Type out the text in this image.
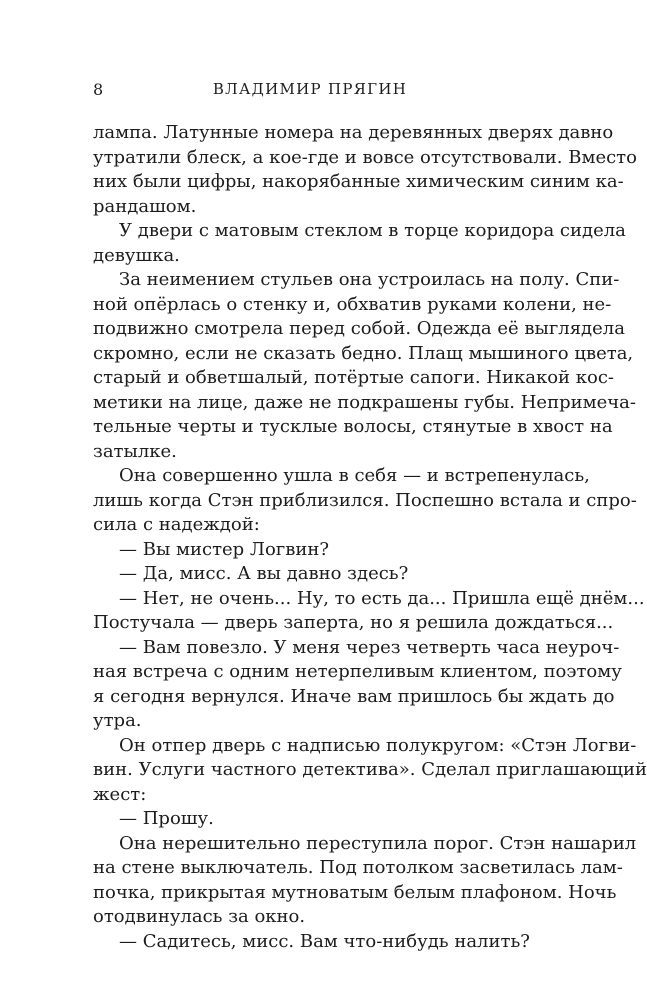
8	ВЛАДИМИР ПРЯГИН
лампа. Латунные номера на деревянных дверях давно
утратили блеск, а кое-где и вовсе отсутствовали. Вместо
них были цифры, накорябанные химическим синим ка-
рандашом.
У двери с матовым стеклом в торце коридора сидела
девушка.
За неимением стульев она устроилась на полу. Спи-
ной опёрлась о стенку и, обхватив руками колени, не-
подвижно смотрела перед собой. Одежда её выглядела
скромно, если не сказать бедно. Плащ мышиного цвета,
старый и обветшалый, потёртые сапоги. Никакой кос-
метики на лице, даже не подкрашены губы. Непримеча-
тельные черты и тусклые волосы, стянутые в хвост на
затылке.
Она совершенно ушла в себя — и встрепенулась,
лишь когда Стэн приблизился. Поспешно встала и спро-
сила с надеждой:
— Вы мистер Логвин?
— Да, мисс. А вы давно здесь?
— Нет, не очень... Ну, то есть да... Пришла ещё днём...
Постучала — дверь заперта, но я решила дождаться...
— Вам повезло. У меня через четверть часа неуроч-
ная встреча с одним нетерпеливым клиентом, поэтому
я сегодня вернулся. Иначе вам пришлось бы ждать до
утра.
Он отпер дверь с надписью полукругом: «Стэн Логви-
вин. Услуги частного детектива». Сделал приглашающий
жест:
— Прошу.
Она нерешительно переступила порог. Стэн нашарил
на стене выключатель. Под потолком засветилась лам-
почка, прикрытая мутноватым белым плафоном. Ночь
отодвинулась за окно.
— Садитесь, мисс. Вам что-нибудь налить?
